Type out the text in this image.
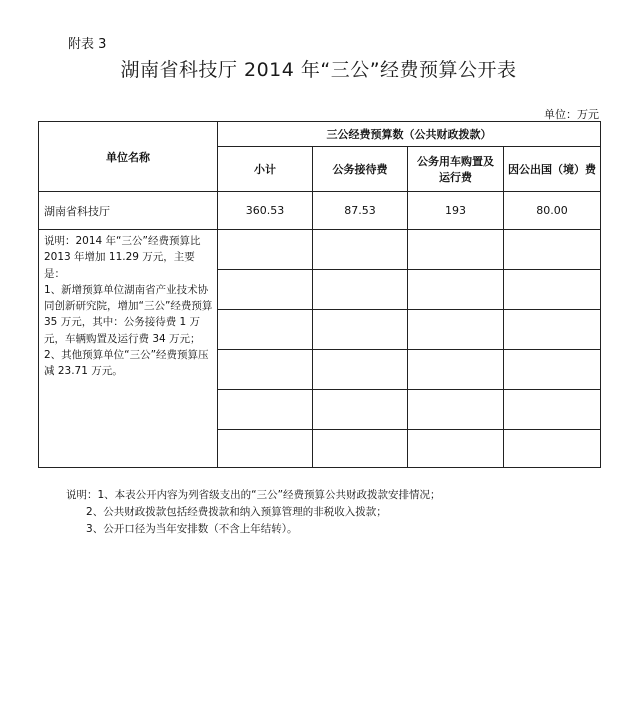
附表 3
湖南省科技厅 2014 年“三公”经费预算公开表
单位：万元
单位名称	三公经费预算数（公共财政拨款）			
	小计	公务接待费	公务用车购置及运行费	因公出国（境）费
湖南省科技厅	360.53	87.53	193	80.00
说明：2014 年“三公”经费预算比2013 年增加 11.29 万元，主要是：
1、新增预算单位湖南省产业技术协同创新研究院，增加“三公”经费预算 35 万元，其中：公务接待费 1 万元，车辆购置及运行费 34 万元；
2、其他预算单位“三公”经费预算压减 23.71 万元。				

说明：1、本表公开内容为列省级支出的“三公”经费预算公共财政拨款安排情况；
2、公共财政拨款包括经费拨款和纳入预算管理的非税收入拨款；
3、公开口径为当年安排数（不含上年结转）。
